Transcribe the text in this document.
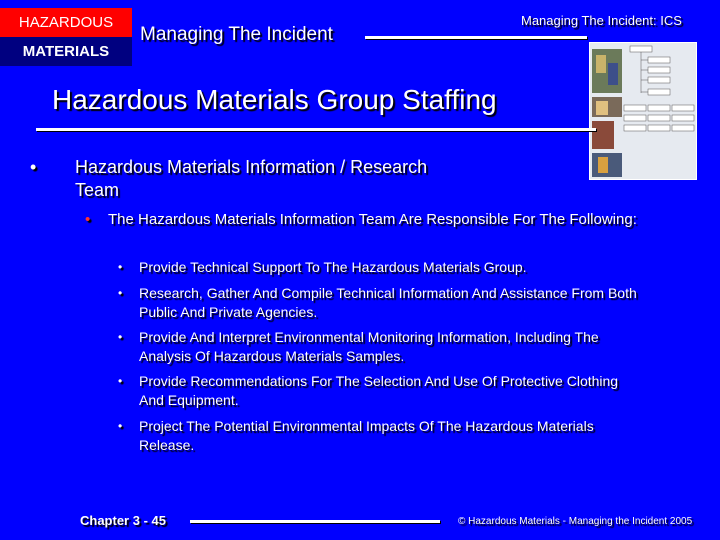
HAZARDOUS
MATERIALS
Managing The Incident
Managing The Incident: ICS
Hazardous Materials Group Staffing
• Hazardous Materials Information / Research Team
• The Hazardous Materials Information Team Are Responsible For The Following:
• Provide Technical Support To The Hazardous Materials Group.
• Research, Gather And Compile Technical Information And Assistance From Both Public And Private Agencies.
• Provide And Interpret Environmental Monitoring Information, Including The Analysis Of Hazardous Materials Samples.
• Provide Recommendations For The Selection And Use Of Protective Clothing And Equipment.
• Project The Potential Environmental Impacts Of The Hazardous Materials Release.
Chapter 3 - 45	© Hazardous Materials - Managing the Incident 2005
